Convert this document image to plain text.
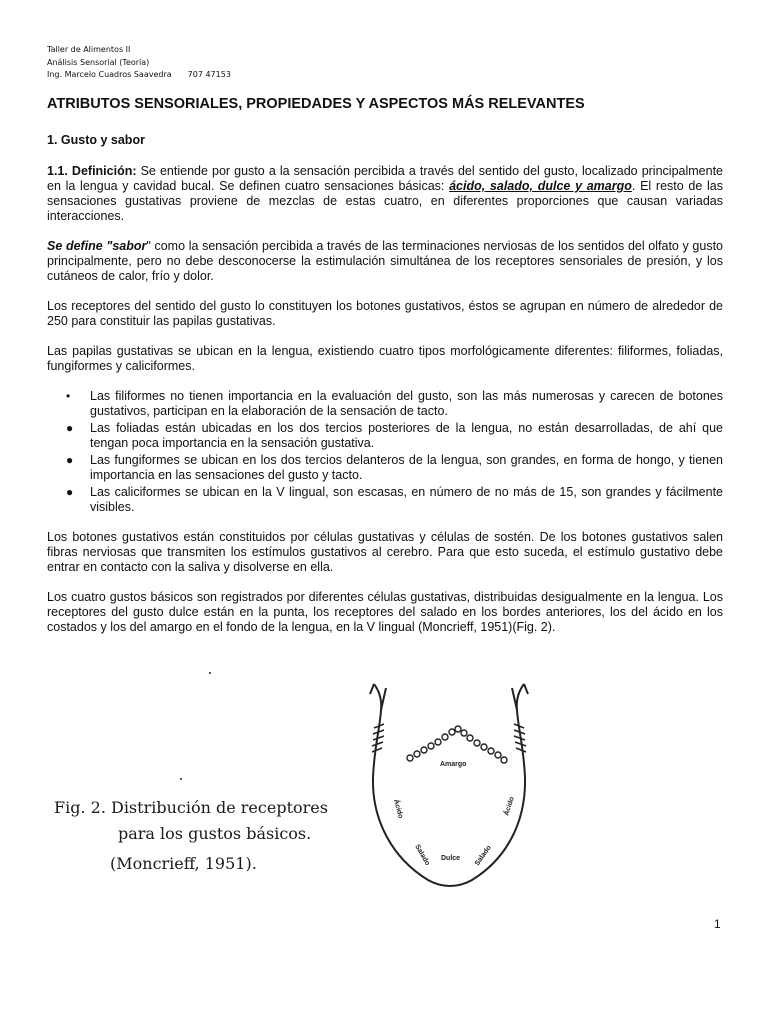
Taller de Alimentos II
Análisis Sensorial (Teoría)
Ing. Marcelo Cuadros Saavedra 707 47153
ATRIBUTOS SENSORIALES, PROPIEDADES Y ASPECTOS MÁS RELEVANTES
1. Gusto y sabor

1.1. Definición: Se entiende por gusto a la sensación percibida a través del sentido del gusto, localizado principalmente en la lengua y cavidad bucal. Se definen cuatro sensaciones básicas: ácido, salado, dulce y amargo. El resto de las sensaciones gustativas proviene de mezclas de estas cuatro, en diferentes proporciones que causan variadas interacciones.

Se define "sabor" como la sensación percibida a través de las terminaciones nerviosas de los sentidos del olfato y gusto principalmente, pero no debe desconocerse la estimulación simultánea de los receptores sensoriales de presión, y los cutáneos de calor, frío y dolor.

Los receptores del sentido del gusto lo constituyen los botones gustativos, éstos se agrupan en número de alrededor de 250 para constituir las papilas gustativas.

Las papilas gustativas se ubican en la lengua, existiendo cuatro tipos morfológicamente diferentes: filiformes, foliadas, fungiformes y caliciformes.

• Las filiformes no tienen importancia en la evaluación del gusto, son las más numerosas y carecen de botones gustativos, participan en la elaboración de la sensación de tacto.
● Las foliadas están ubicadas en los dos tercios posteriores de la lengua, no están desarrolladas, de ahí que tengan poca importancia en la sensación gustativa.
● Las fungiformes se ubican en los dos tercios delanteros de la lengua, son grandes, en forma de hongo, y tienen importancia en las sensaciones del gusto y tacto.
● Las caliciformes se ubican en la V lingual, son escasas, en número de no más de 15, son grandes y fácilmente visibles.

Los botones gustativos están constituidos por células gustativas y células de sostén. De los botones gustativos salen fibras nerviosas que transmiten los estímulos gustativos al cerebro. Para que esto suceda, el estímulo gustativo debe entrar en contacto con la saliva y disolverse en ella.

Los cuatro gustos básicos son registrados por diferentes células gustativas, distribuidas desigualmente en la lengua. Los receptores del gusto dulce están en la punta, los receptores del salado en los bordes anteriores, los del ácido en los costados y los del amargo en el fondo de la lengua, en la V lingual (Moncrieff, 1951)(Fig. 2).

Fig. 2. Distribución de receptores
para los gustos básicos.
(Moncrieff, 1951).
Amargo
Ácido	Ácido
Salado	Salado
Dulce
1
